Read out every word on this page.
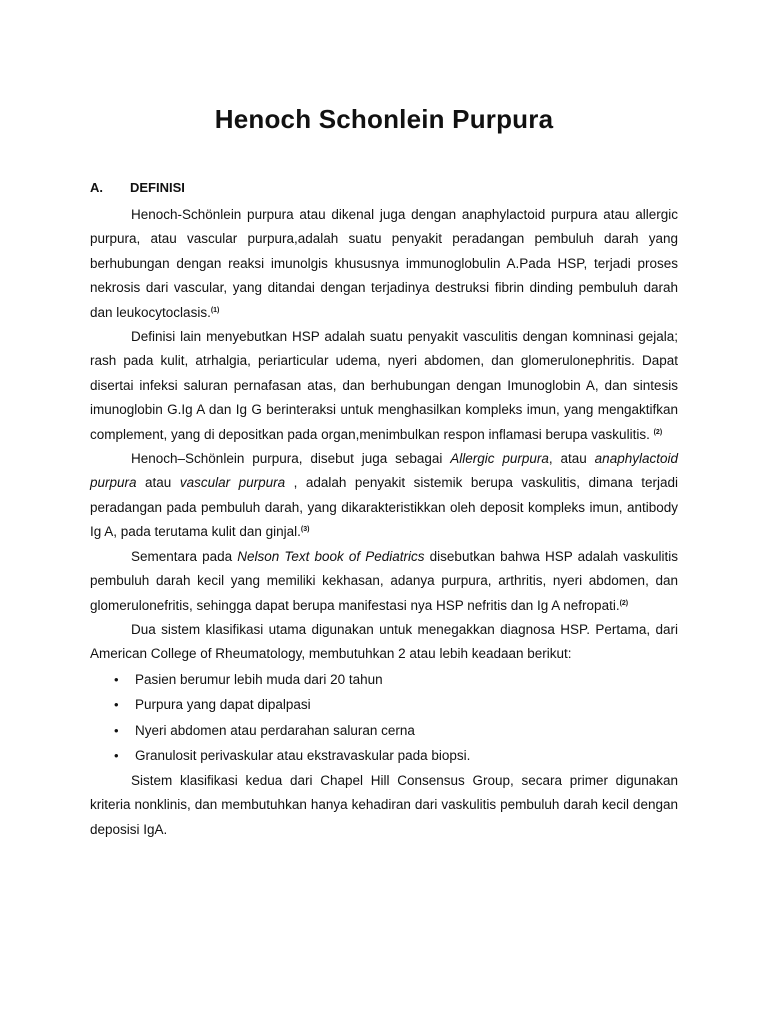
Henoch Schonlein Purpura
A. DEFINISI

Henoch-Schönlein purpura atau dikenal juga dengan anaphylactoid purpura atau allergic purpura, atau vascular purpura,adalah suatu penyakit peradangan pembuluh darah yang berhubungan dengan reaksi imunolgis khususnya immunoglobulin A.Pada HSP, terjadi proses nekrosis dari vascular, yang ditandai dengan terjadinya destruksi fibrin dinding pembuluh darah dan leukocytoclasis.$^{(1)}$

Definisi lain menyebutkan HSP adalah suatu penyakit vasculitis dengan komninasi gejala; rash pada kulit, atrhalgia, periarticular udema, nyeri abdomen, dan glomerulonephritis. Dapat disertai infeksi saluran pernafasan atas, dan berhubungan dengan Imunoglobin A, dan sintesis imunoglobin G.Ig A dan Ig G berinteraksi untuk menghasilkan kompleks imun, yang mengaktifkan complement, yang di depositkan pada organ,menimbulkan respon inflamasi berupa vaskulitis. $^{(2)}$

Henoch–Schönlein purpura, disebut juga sebagai Allergic purpura, atau anaphylactoid purpura atau vascular purpura , adalah penyakit sistemik berupa vaskulitis, dimana terjadi peradangan pada pembuluh darah, yang dikarakteristikkan oleh deposit kompleks imun, antibody Ig A, pada terutama kulit dan ginjal.$^{(3)}$

Sementara pada Nelson Text book of Pediatrics disebutkan bahwa HSP adalah vaskulitis pembuluh darah kecil yang memiliki kekhasan, adanya purpura, arthritis, nyeri abdomen, dan glomerulonefritis, sehingga dapat berupa manifestasi nya HSP nefritis dan Ig A nefropati.$^{(2)}$

Dua sistem klasifikasi utama digunakan untuk menegakkan diagnosa HSP. Pertama, dari American College of Rheumatology, membutuhkan 2 atau lebih keadaan berikut:

• Pasien berumur lebih muda dari 20 tahun
• Purpura yang dapat dipalpasi
• Nyeri abdomen atau perdarahan saluran cerna
• Granulosit perivaskular atau ekstravaskular pada biopsi.

Sistem klasifikasi kedua dari Chapel Hill Consensus Group, secara primer digunakan kriteria nonklinis, dan membutuhkan hanya kehadiran dari vaskulitis pembuluh darah kecil dengan deposisi IgA.
